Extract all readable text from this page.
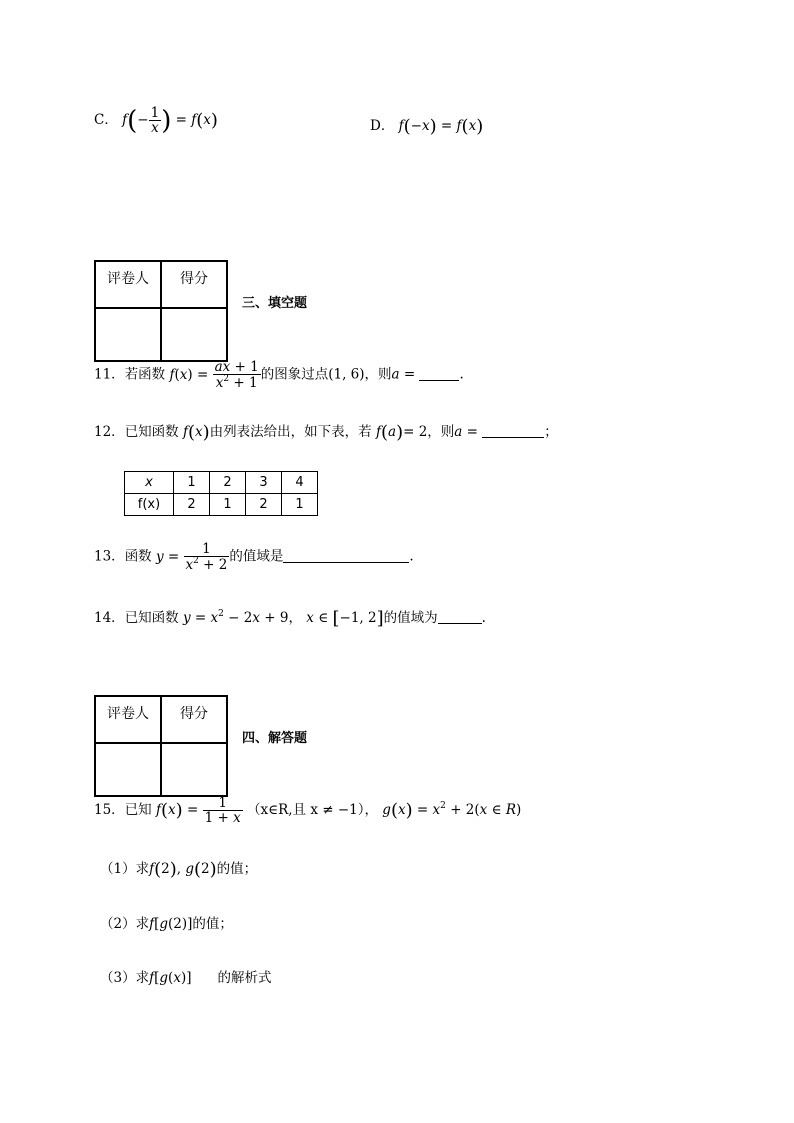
C． $f(- \frac{1}{x}$ ) = f(x)	D． f(−x) = f(x)
评卷人	得分

三、填空题
11．若函数 $f(x) = \frac{ax + 1}{x^2 + 1}$ 的图象过点(1, 6)，则a =	.
12．已知函数 f(x)由列表法给出，如下表，若 f(a)= 2，则a =	；
x	1	2	3	4
f(x)	2	1	2	1
13．函数 $y = \frac{1}{x^2 + 2}$ 的值域是	.
14．已知函数 $y = x^2 - 2x + 9$， x ∈ [−1, 2]的值域为	.
评卷人	得分

四、解答题
15．已知 $f(x) = \frac{1}{1 + x}$ （x∈R,且 x ≠ −1）， $g(x) = x^2 + 2(x$ ∈ R)
（1）求f(2), g(2)的值；
（2）求f[g(2)]的值；
（3）求f[g(x)] 的解析式
